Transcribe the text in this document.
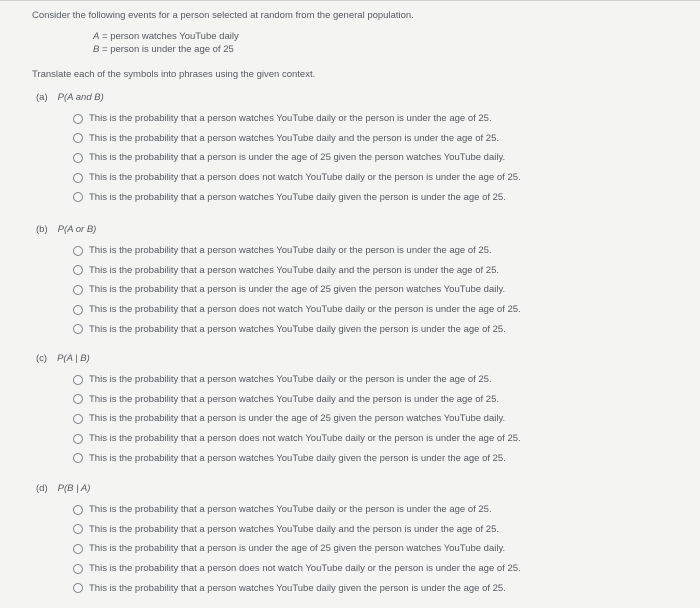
Consider the following events for a person selected at random from the general population.
A = person watches YouTube daily
B = person is under the age of 25
Translate each of the symbols into phrases using the given context.
(a) P(A and B)
This is the probability that a person watches YouTube daily or the person is under the age of 25.
This is the probability that a person watches YouTube daily and the person is under the age of 25.
This is the probability that a person is under the age of 25 given the person watches YouTube daily.
This is the probability that a person does not watch YouTube daily or the person is under the age of 25.
This is the probability that a person watches YouTube daily given the person is under the age of 25.
(b) P(A or B)
This is the probability that a person watches YouTube daily or the person is under the age of 25.
This is the probability that a person watches YouTube daily and the person is under the age of 25.
This is the probability that a person is under the age of 25 given the person watches YouTube daily.
This is the probability that a person does not watch YouTube daily or the person is under the age of 25.
This is the probability that a person watches YouTube daily given the person is under the age of 25.
(c) P(A | B)
This is the probability that a person watches YouTube daily or the person is under the age of 25.
This is the probability that a person watches YouTube daily and the person is under the age of 25.
This is the probability that a person is under the age of 25 given the person watches YouTube daily.
This is the probability that a person does not watch YouTube daily or the person is under the age of 25.
This is the probability that a person watches YouTube daily given the person is under the age of 25.
(d) P(B | A)
This is the probability that a person watches YouTube daily or the person is under the age of 25.
This is the probability that a person watches YouTube daily and the person is under the age of 25.
This is the probability that a person is under the age of 25 given the person watches YouTube daily.
This is the probability that a person does not watch YouTube daily or the person is under the age of 25.
This is the probability that a person watches YouTube daily given the person is under the age of 25.
